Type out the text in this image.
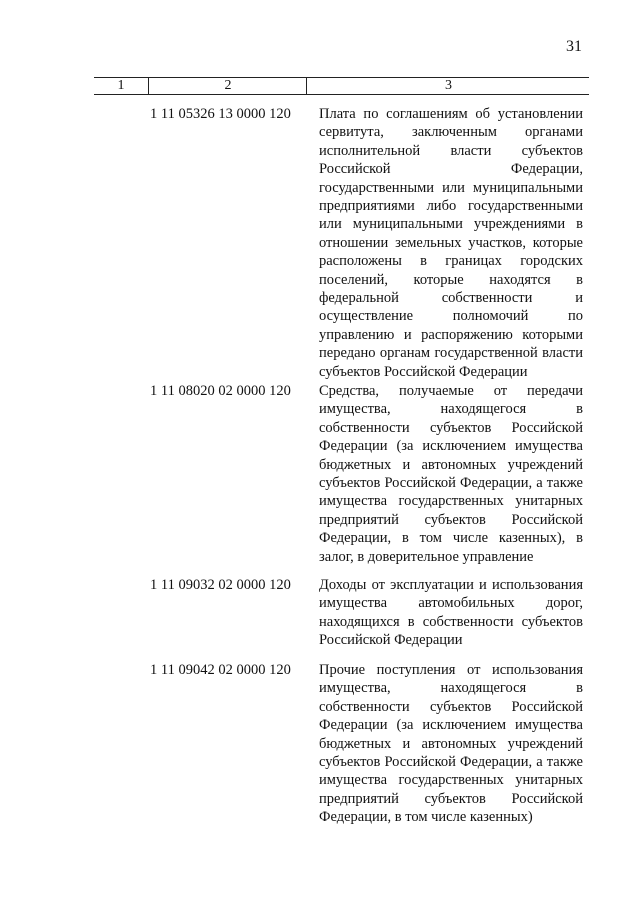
31
1	2	3
1 11 05326 13 0000 120 Плата по соглашениям об установлении сервитута, заключенным органами исполнительной власти субъектов Российской Федерации, государственными или муниципальными предприятиями либо государственными или муниципальными учреждениями в отношении земельных участков, которые расположены в границах городских поселений, которые находятся в федеральной собственности и осуществление полномочий по управлению и распоряжению которыми передано органам государственной власти субъектов Российской Федерации
1 11 08020 02 0000 120 Средства, получаемые от передачи имущества, находящегося в собственности субъектов Российской Федерации (за исключением имущества бюджетных и автономных учреждений субъектов Российской Федерации, а также имущества государственных унитарных предприятий субъектов Российской Федерации, в том числе казенных), в залог, в доверительное управление
1 11 09032 02 0000 120 Доходы от эксплуатации и использования имущества автомобильных дорог, находящихся в собственности субъектов Российской Федерации
1 11 09042 02 0000 120 Прочие поступления от использования имущества, находящегося в собственности субъектов Российской Федерации (за исключением имущества бюджетных и автономных учреждений субъектов Российской Федерации, а также имущества государственных унитарных предприятий субъектов Российской Федерации, в том числе казенных)
